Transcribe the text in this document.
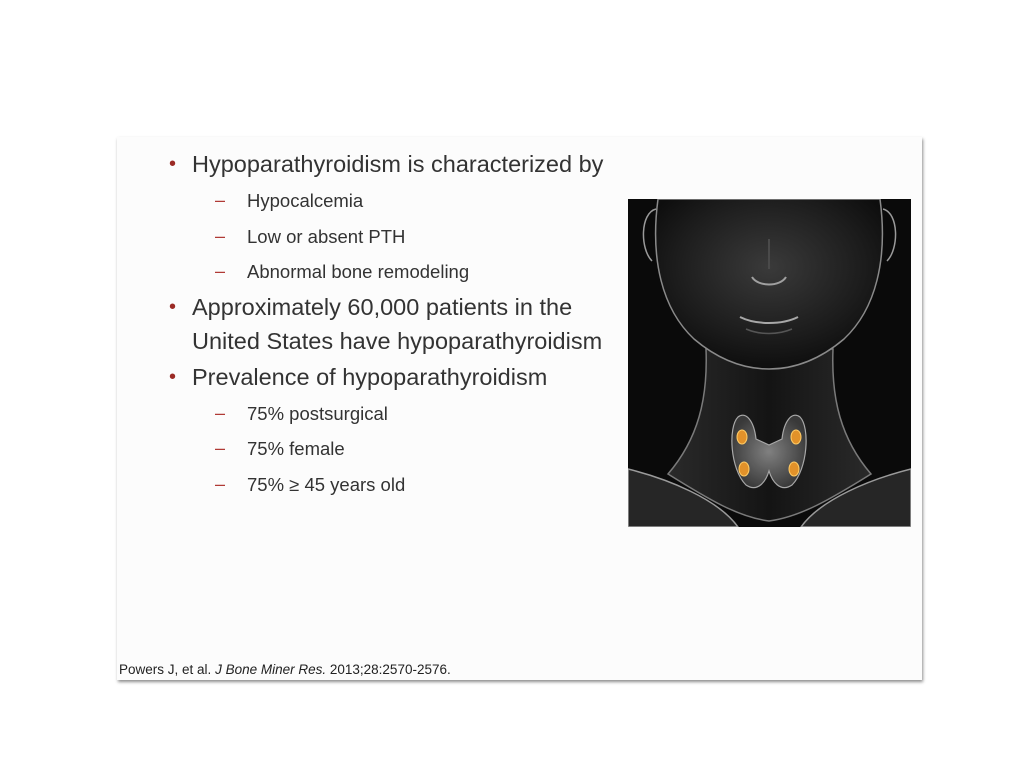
• Hypoparathyroidism is characterized by
– Hypocalcemia
– Low or absent PTH
– Abnormal bone remodeling
• Approximately 60,000 patients in the United States have hypoparathyroidism
• Prevalence of hypoparathyroidism
– 75% postsurgical
– 75% female
– 75% ≥ 45 years old
Powers J, et al. J Bone Miner Res. 2013;28:2570-2576.
